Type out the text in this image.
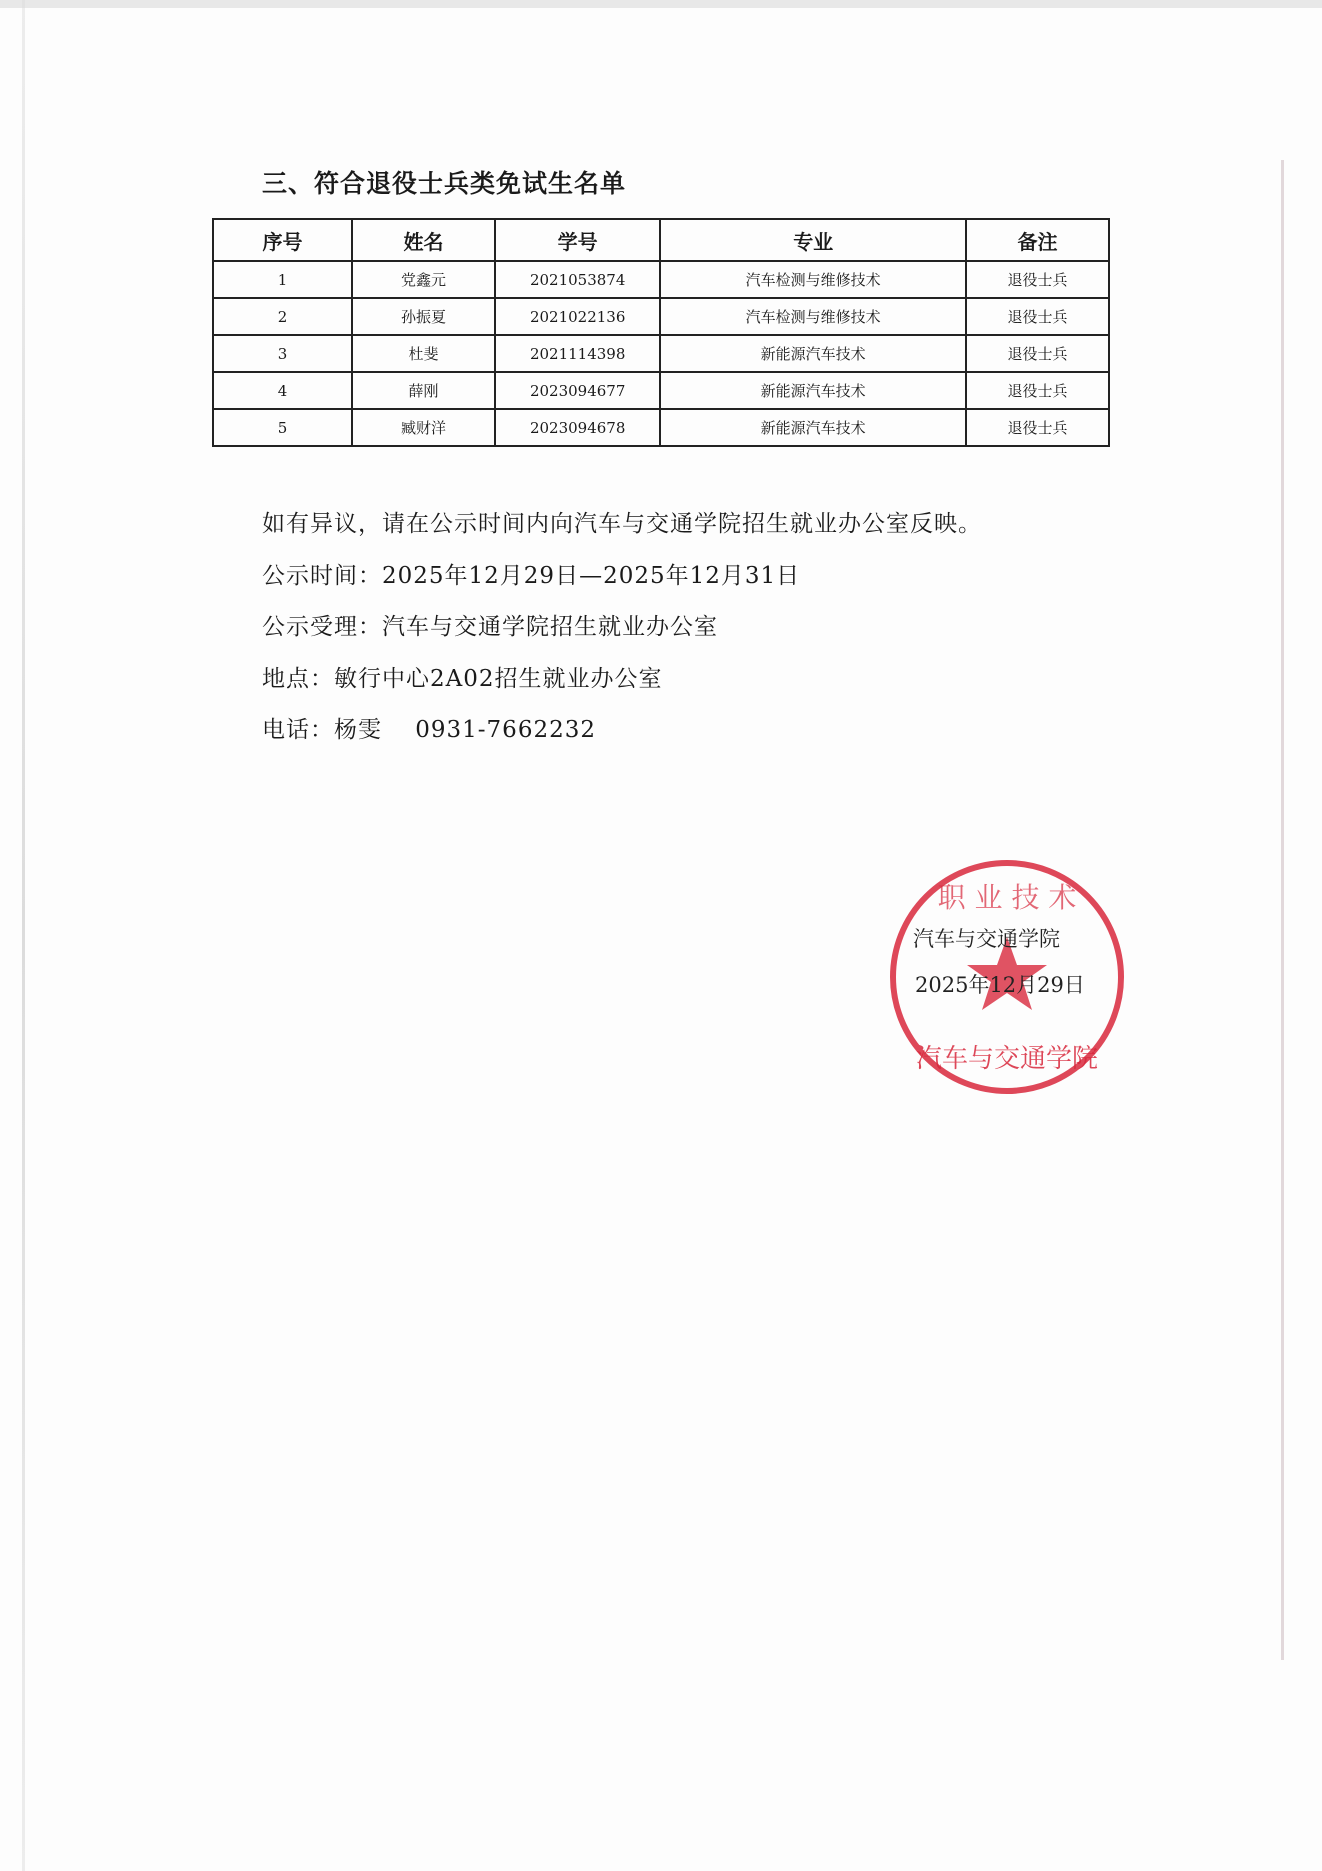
三、符合退役士兵类免试生名单
序号	姓名	学号	专业	备注
1	党鑫元	2021053874	汽车检测与维修技术	退役士兵
2	孙振夏	2021022136	汽车检测与维修技术	退役士兵
3	杜斐	2021114398	新能源汽车技术	退役士兵
4	薛刚	2023094677	新能源汽车技术	退役士兵
5	臧财洋	2023094678	新能源汽车技术	退役士兵
如有异议，请在公示时间内向汽车与交通学院招生就业办公室反映。
公示时间：2025年12月29日—2025年12月31日
公示受理：汽车与交通学院招生就业办公室
地点：敏行中心2A02招生就业办公室
电话：杨雯    0931-7662232
汽车与交通学院
职 业 技 术
汽车与交通学院
2025年12月29日
